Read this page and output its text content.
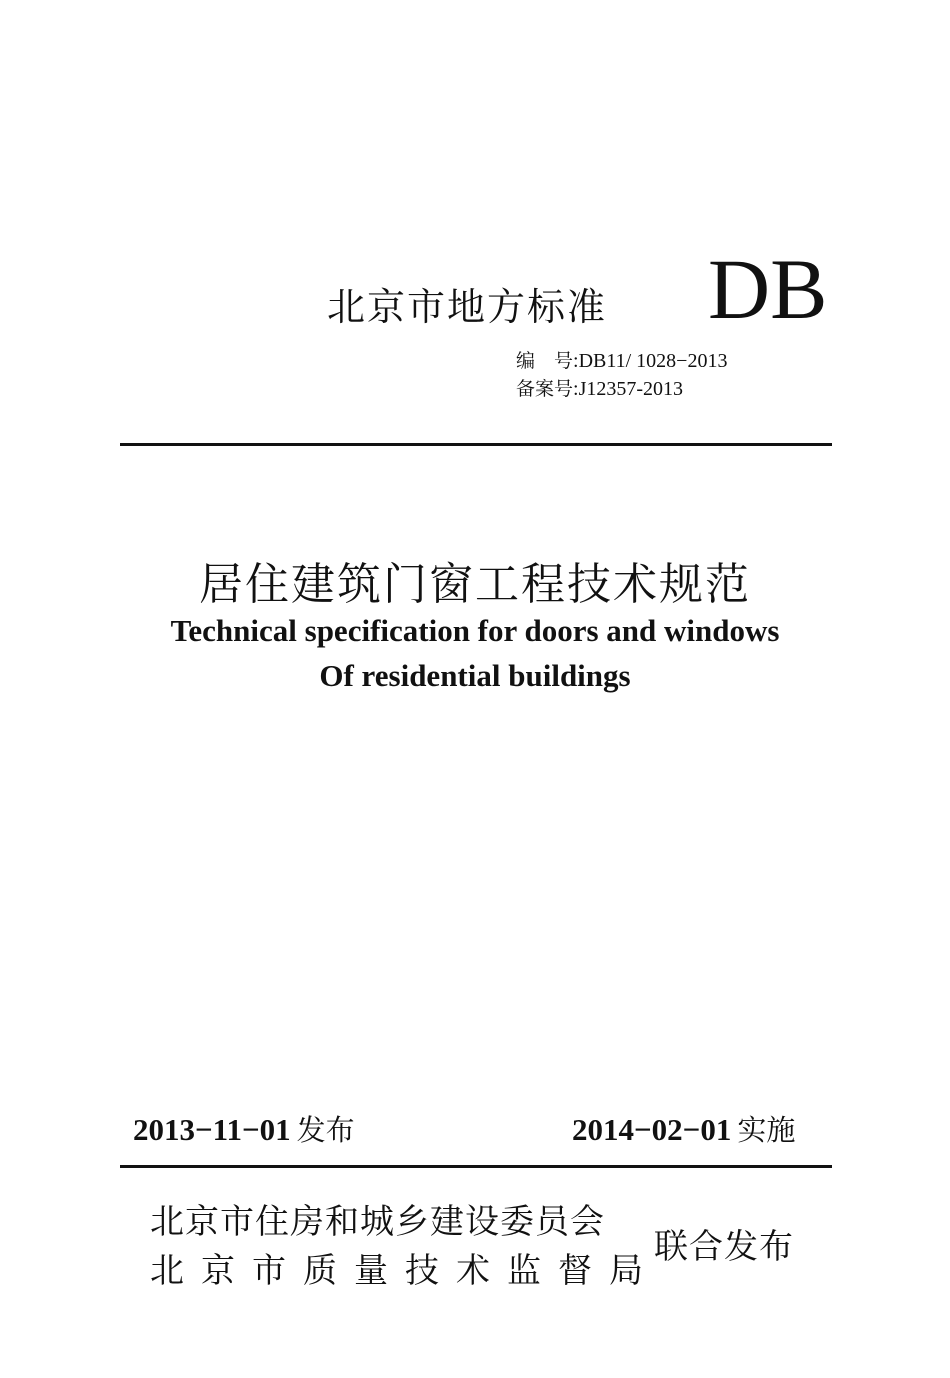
北京市地方标准 DB
编　号:DB11/ 1028−2013
备案号:J12357-2013
居住建筑门窗工程技术规范
Technical specification for doors and windows
Of residential buildings
2013−11−01 发布	2014−02−01 实施
北京市住房和城乡建设委员会
北京市质量技术监督局
联合发布
